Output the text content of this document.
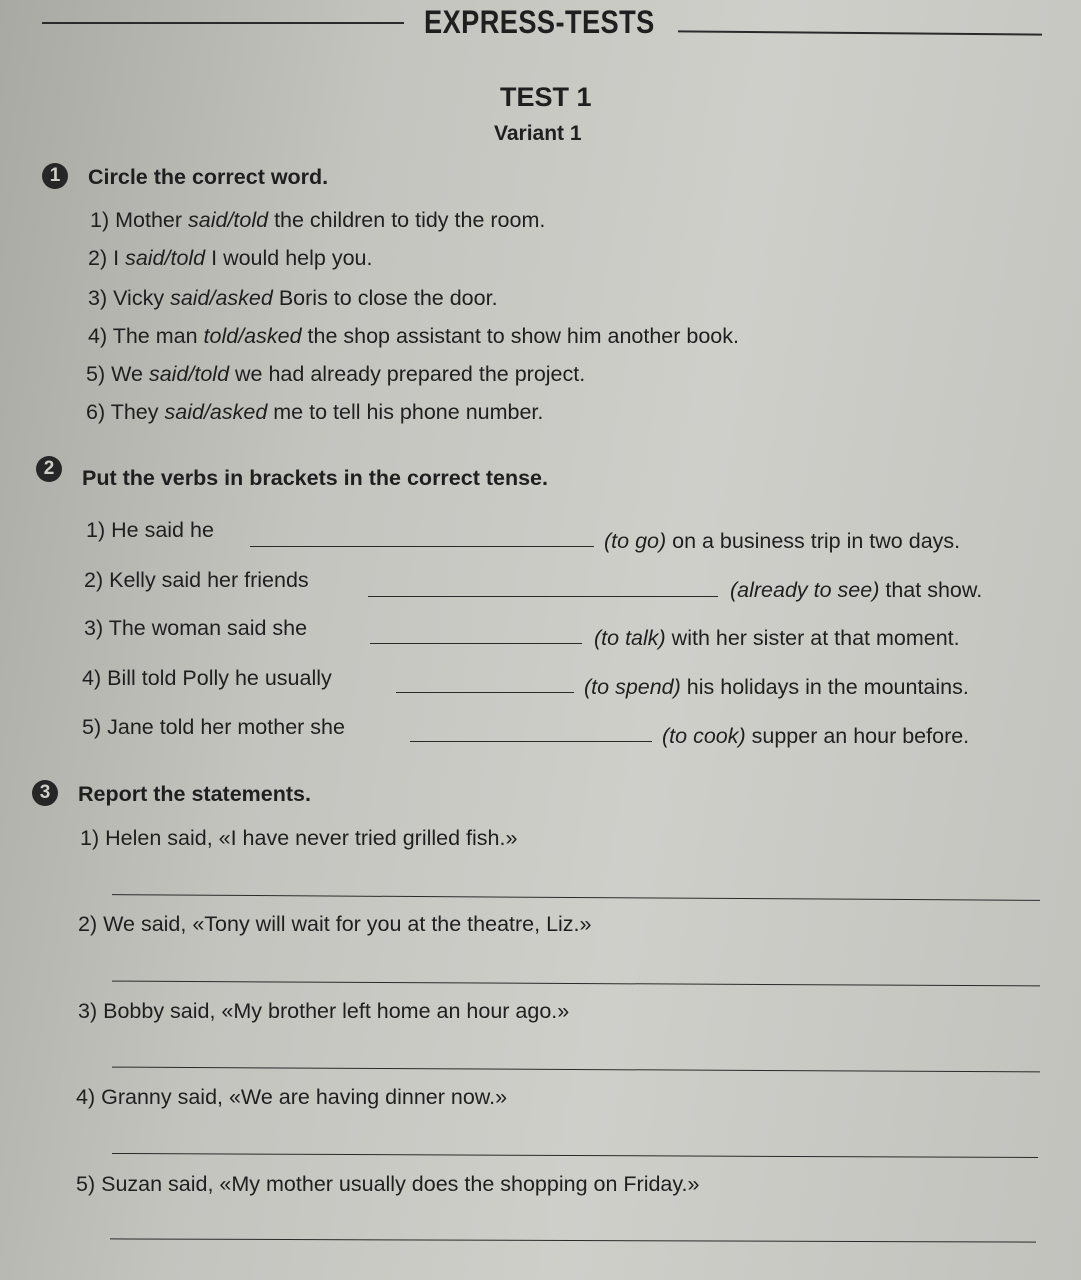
EXPRESS-TESTS
TEST 1
Variant 1
1	Circle the correct word.
1) Mother said/told the children to tidy the room.
2) I said/told I would help you.
3) Vicky said/asked Boris to close the door.
4) The man told/asked the shop assistant to show him another book.
5) We said/told we had already prepared the project.
6) They said/asked me to tell his phone number.
2	Put the verbs in brackets in the correct tense.
1) He said he	(to go) on a business trip in two days.
2) Kelly said her friends	(already to see) that show.
3) The woman said she	(to talk) with her sister at that moment.
4) Bill told Polly he usually	(to spend) his holidays in the mountains.
5) Jane told her mother she	(to cook) supper an hour before.
3	Report the statements.
1) Helen said, «I have never tried grilled fish.»
2) We said, «Tony will wait for you at the theatre, Liz.»
3) Bobby said, «My brother left home an hour ago.»
4) Granny said, «We are having dinner now.»
5) Suzan said, «My mother usually does the shopping on Friday.»
